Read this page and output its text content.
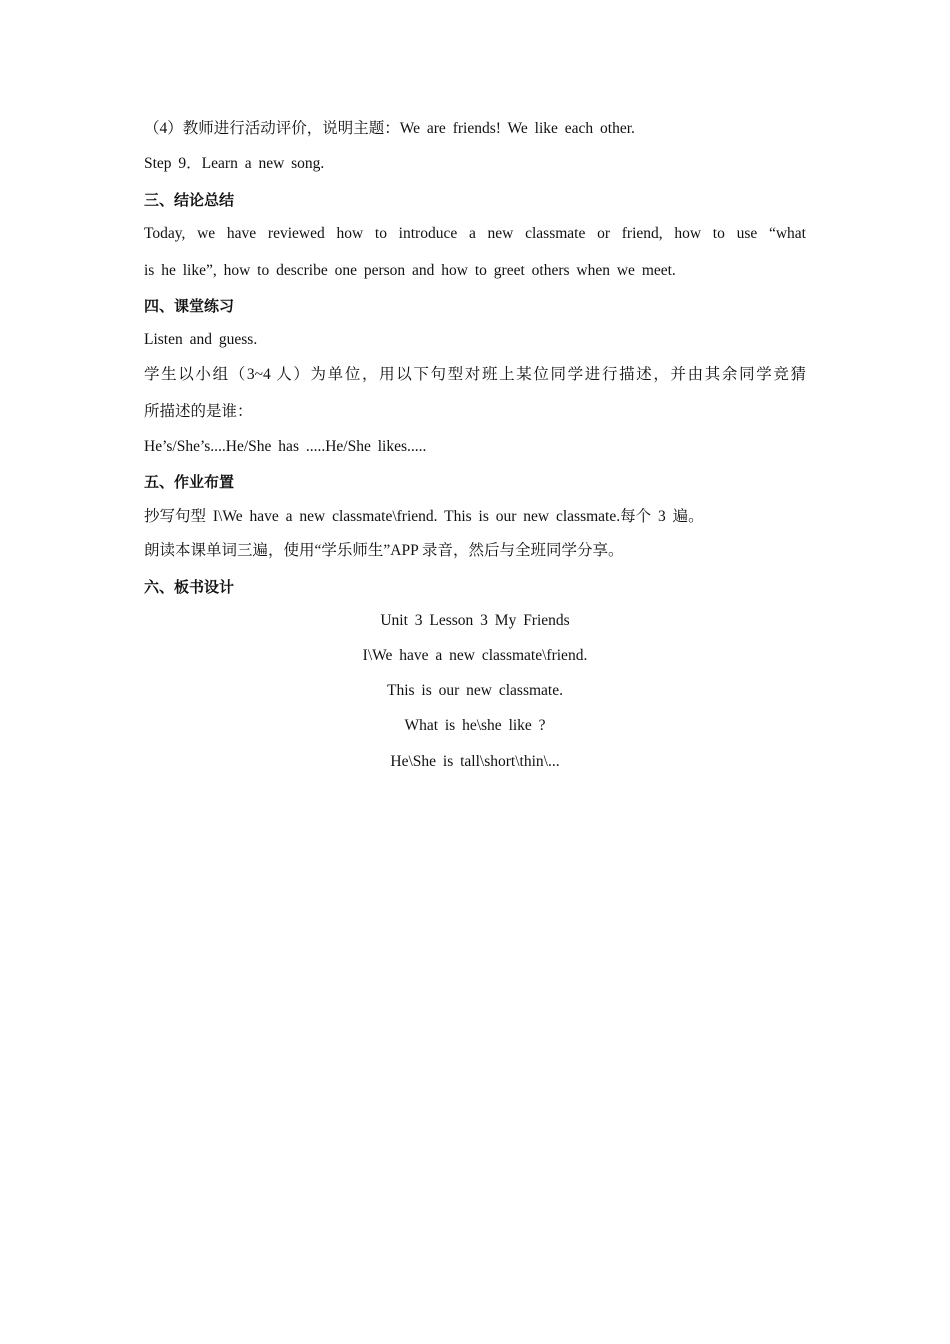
（4）教师进行活动评价，说明主题：We are friends! We like each other.
Step 9．Learn a new song.
三、结论总结
Today, we have reviewed how to introduce a new classmate or friend, how to use “what
is he like”, how to describe one person and how to greet others when we meet.
四、课堂练习
Listen and guess.
学生以小组（3~4 人）为单位，用以下句型对班上某位同学进行描述，并由其余同学竞猜
所描述的是谁：
He’s/She’s....He/She has .....He/She likes.....
五、作业布置
抄写句型 I\We have a new classmate\friend. This is our new classmate.每个 3 遍。
朗读本课单词三遍，使用“学乐师生”APP 录音，然后与全班同学分享。
六、板书设计
Unit 3 Lesson 3 My Friends
I\We have a new classmate\friend.
This is our new classmate.
What is he\she like ?
He\She is tall\short\thin\...
